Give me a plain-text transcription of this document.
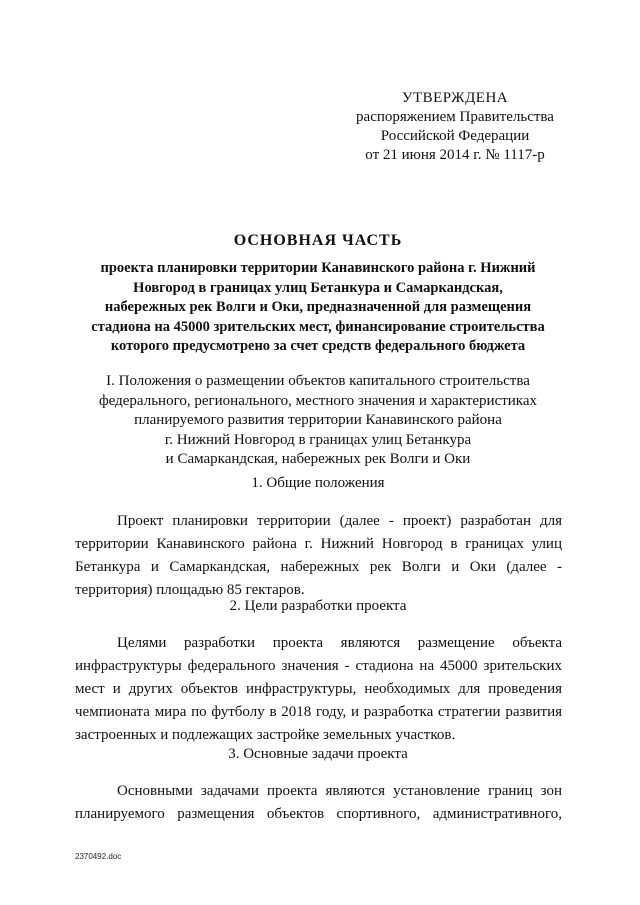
УТВЕРЖДЕНА
распоряжением Правительства
Российской Федерации
от 21 июня 2014 г. № 1117-р
ОСНОВНАЯ ЧАСТЬ
проекта планировки территории Канавинского района г. Нижний
Новгород в границах улиц Бетанкура и Самаркандская,
набережных рек Волги и Оки, предназначенной для размещения
стадиона на 45000 зрительских мест, финансирование строительства
которого предусмотрено за счет средств федерального бюджета
I. Положения о размещении объектов капитального строительства
федерального, регионального, местного значения и характеристиках
планируемого развития территории Канавинского района
г. Нижний Новгород в границах улиц Бетанкура
и Самаркандская, набережных рек Волги и Оки
1. Общие положения
Проект планировки территории (далее - проект) разработан для
территории Канавинского района г. Нижний Новгород в границах улиц
Бетанкура и Самаркандская, набережных рек Волги и Оки (далее -
территория) площадью 85 гектаров.
2. Цели разработки проекта
Целями разработки проекта являются размещение объекта
инфраструктуры федерального значения - стадиона на 45000 зрительских
мест и других объектов инфраструктуры, необходимых для проведения
чемпионата мира по футболу в 2018 году, и разработка стратегии развития
застроенных и подлежащих застройке земельных участков.
3. Основные задачи проекта
Основными задачами проекта являются установление границ зон
планируемого размещения объектов спортивного, административного,
2370492.doc
